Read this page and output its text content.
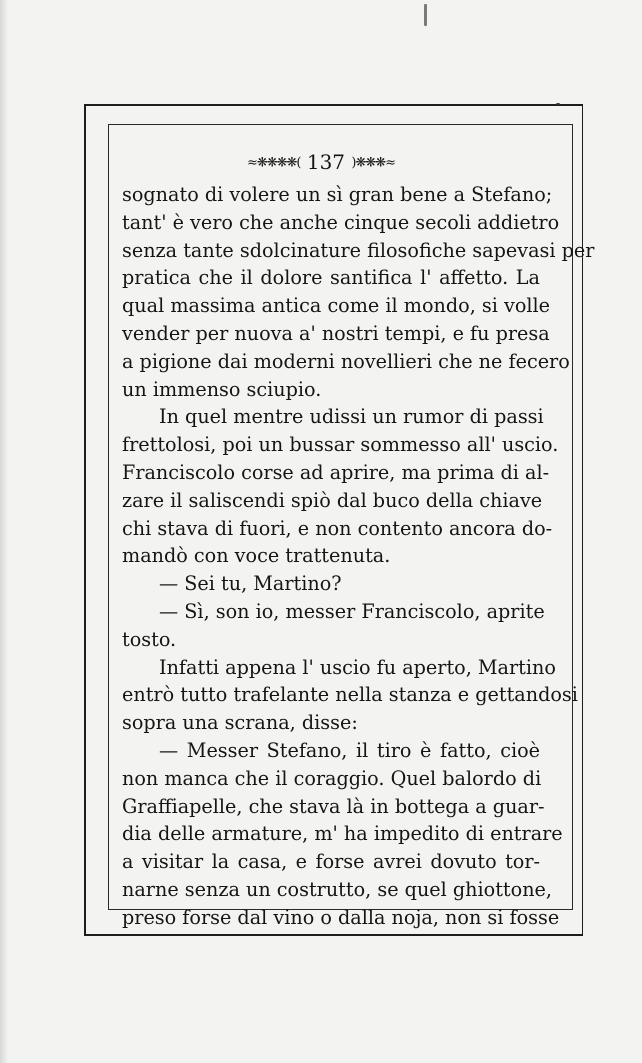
≈❋❋❋❋( 137 )❋❋❋≈
sognato di volere un sì gran bene a Stefano;
tant' è vero che anche cinque secoli addietro
senza tante sdolcinature filosofiche sapevasi per
pratica che il dolore santifica l' affetto. La
qual massima antica come il mondo, si volle
vender per nuova a' nostri tempi, e fu presa
a pigione dai moderni novellieri che ne fecero
un immenso sciupio.
In quel mentre udissi un rumor di passi
frettolosi, poi un bussar sommesso all' uscio.
Franciscolo corse ad aprire, ma prima di al-
zare il saliscendi spiò dal buco della chiave
chi stava di fuori, e non contento ancora do-
mandò con voce trattenuta.
— Sei tu, Martino?
— Sì, son io, messer Franciscolo, aprite
tosto.
Infatti appena l' uscio fu aperto, Martino
entrò tutto trafelante nella stanza e gettandosi
sopra una scrana, disse:
— Messer Stefano, il tiro è fatto, cioè
non manca che il coraggio. Quel balordo di
Graffiapelle, che stava là in bottega a guar-
dia delle armature, m' ha impedito di entrare
a visitar la casa, e forse avrei dovuto tor-
narne senza un costrutto, se quel ghiottone,
preso forse dal vino o dalla noja, non si fosse
